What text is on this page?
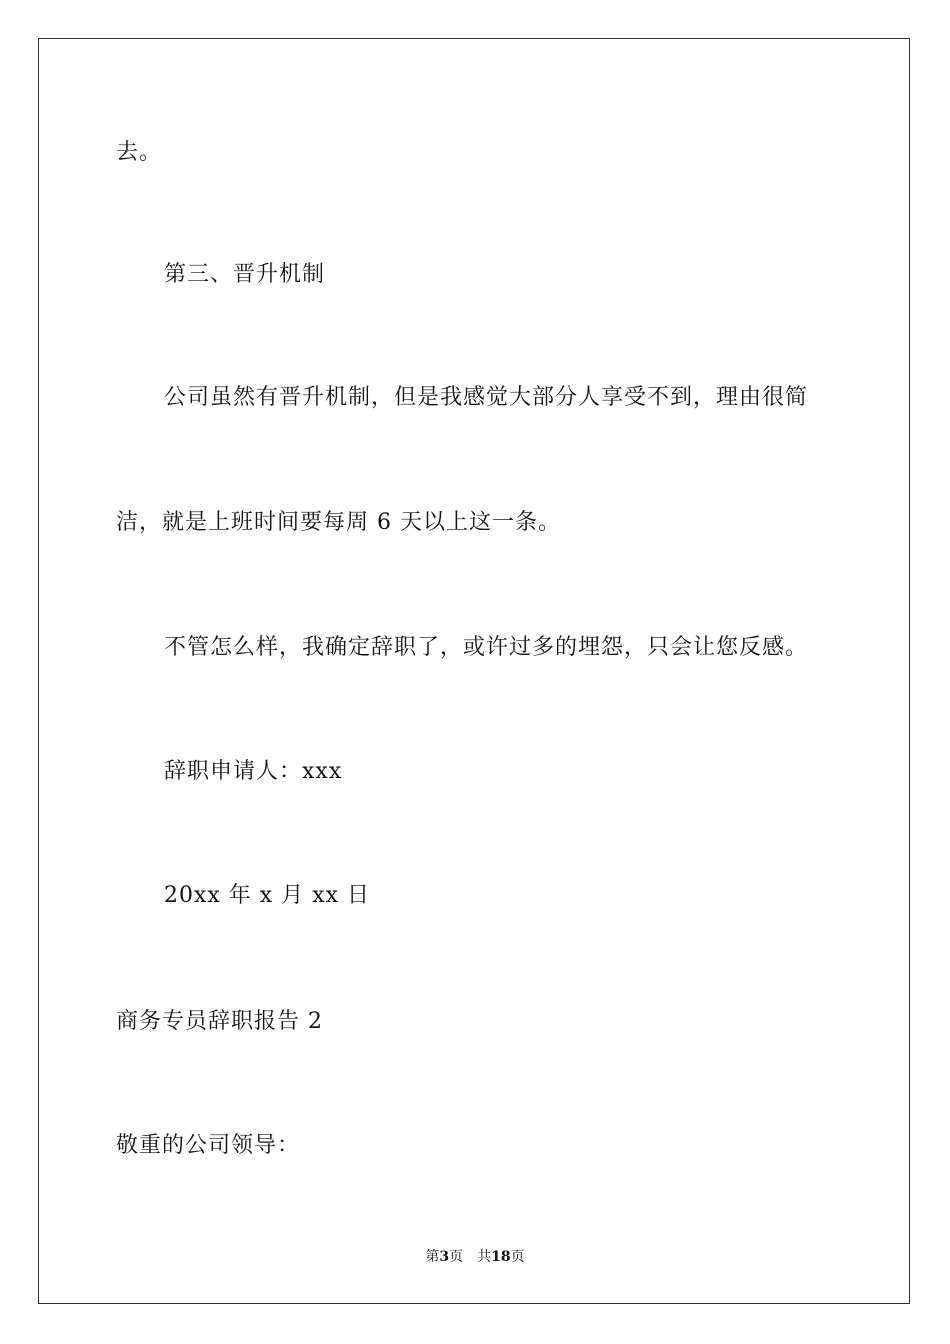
去。
第三、晋升机制
公司虽然有晋升机制，但是我感觉大部分人享受不到，理由很简
洁，就是上班时间要每周 6 天以上这一条。
不管怎么样，我确定辞职了，或许过多的埋怨，只会让您反感。
辞职申请人：xxx
20xx 年 x 月 xx 日
商务专员辞职报告 2
敬重的公司领导：
第3页 共18页
